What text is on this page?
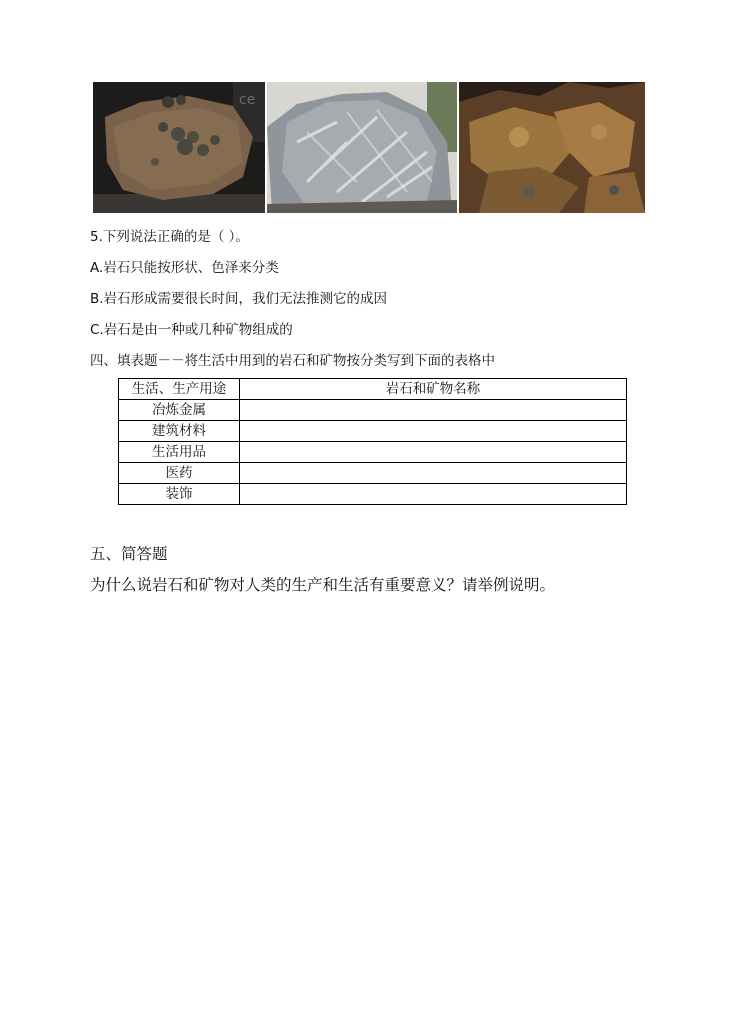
ce
5.下列说法正确的是（ ）。
A.岩石只能按形状、色泽来分类
B.岩石形成需要很长时间，我们无法推测它的成因
C.岩石是由一种或几种矿物组成的
四、填表题－－将生活中用到的岩石和矿物按分类写到下面的表格中
生活、生产用途	岩石和矿物名称
冶炼金属	
建筑材料	
生活用品	
医药	
装饰	
五、简答题
为什么说岩石和矿物对人类的生产和生活有重要意义？请举例说明。
